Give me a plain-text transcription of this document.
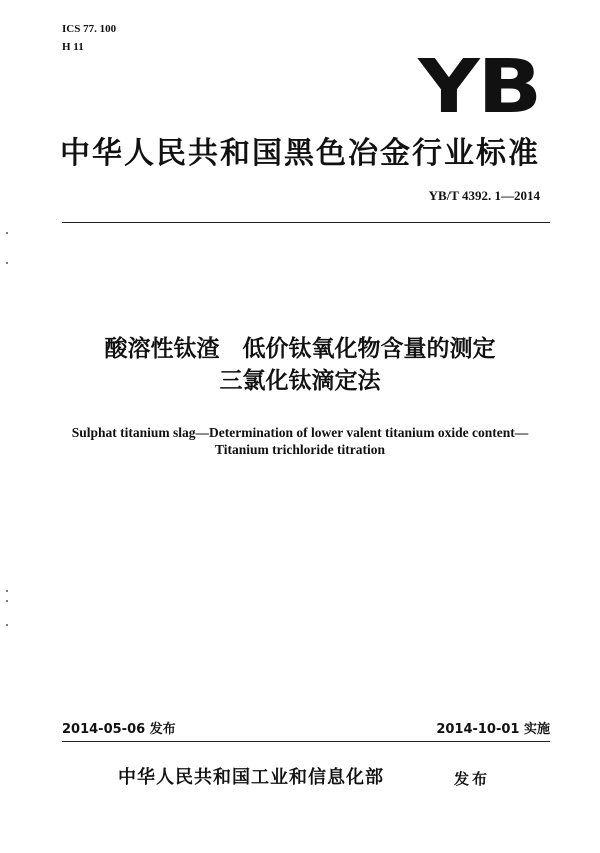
ICS 77. 100
H 11	YB
中华人民共和国黑色冶金行业标准
YB/T 4392. 1—2014
酸溶性钛渣　低价钛氧化物含量的测定
三氯化钛滴定法
Sulphat titanium slag—Determination of lower valent titanium oxide content—
Titanium trichloride titration
2014-05-06 发布	2014-10-01 实施
中华人民共和国工业和信息化部	发布
